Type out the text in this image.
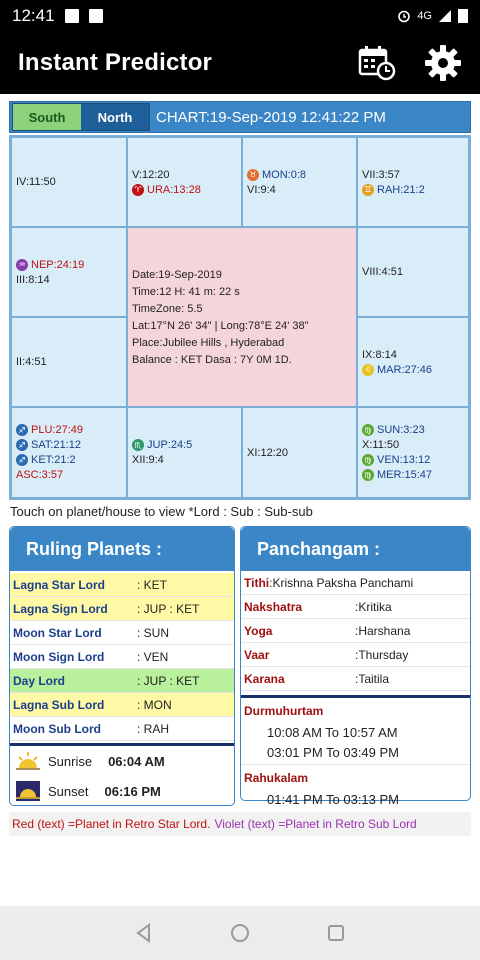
12:41	4G
Instant Predictor
South	North	CHART:19-Sep-2019 12:41:22 PM
IV:11:50
V:12:20
♈ URA:13:28
♉ MON:0:8
VI:9:4
VII:3:57
♊ RAH:21:2
♒ NEP:24:19
III:8:14	Date:19-Sep-2019
Time:12 H: 41 m: 22 s
TimeZone: 5.5
Lat:17°N 26' 34" | Long:78°E 24' 38"
Place:Jubilee Hills , Hyderabad
Balance : KET Dasa : 7Y 0M 1D.
VIII:4:51
II:4:51
IX:8:14
♌ MAR:27:46
♐ PLU:27:49
♐ SAT:21:12
♐ KET:21:2
ASC:3:57
♏ JUP:24:5
XII:9:4
XI:12:20
♍ SUN:3:23
X:11:50
♍ VEN:13:12
♍ MER:15:47
Touch on planet/house to view *Lord : Sub : Sub-sub
Ruling Planets :
Lagna Star Lord	: KET
Lagna Sign Lord	: JUP : KET
Moon Star Lord	: SUN
Moon Sign Lord	: VEN
Day Lord	: JUP : KET
Lagna Sub Lord	: MON
Moon Sub Lord	: RAH
Sunrise 06:04 AM
Sunset 06:16 PM
Panchangam :
Tithi :Krishna Paksha Panchami
Nakshatra	:Kritika
Yoga	:Harshana
Vaar	:Thursday
Karana	:Taitila
Durmuhurtam
10:08 AM To 10:57 AM
03:01 PM To 03:49 PM
Rahukalam
01:41 PM To 03:13 PM
Red (text) =Planet in Retro Star Lord. Violet (text) =Planet in Retro Sub Lord
